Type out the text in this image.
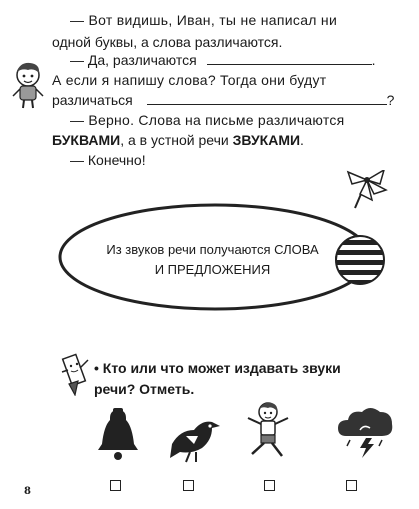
— Вот видишь, Иван, ты не написал ни
одной буквы, а слова различаются.
— Да, различаются	.
А если я напишу слова? Тогда они будут
различаться	?
— Верно. Слова на письме различаются
БУКВАМИ, а в устной речи ЗВУКАМИ.
— Конечно!
Из звуков речи получаются СЛОВА
И ПРЕДЛОЖЕНИЯ
• Кто или что может издавать звуки
речи? Отметь.
8
